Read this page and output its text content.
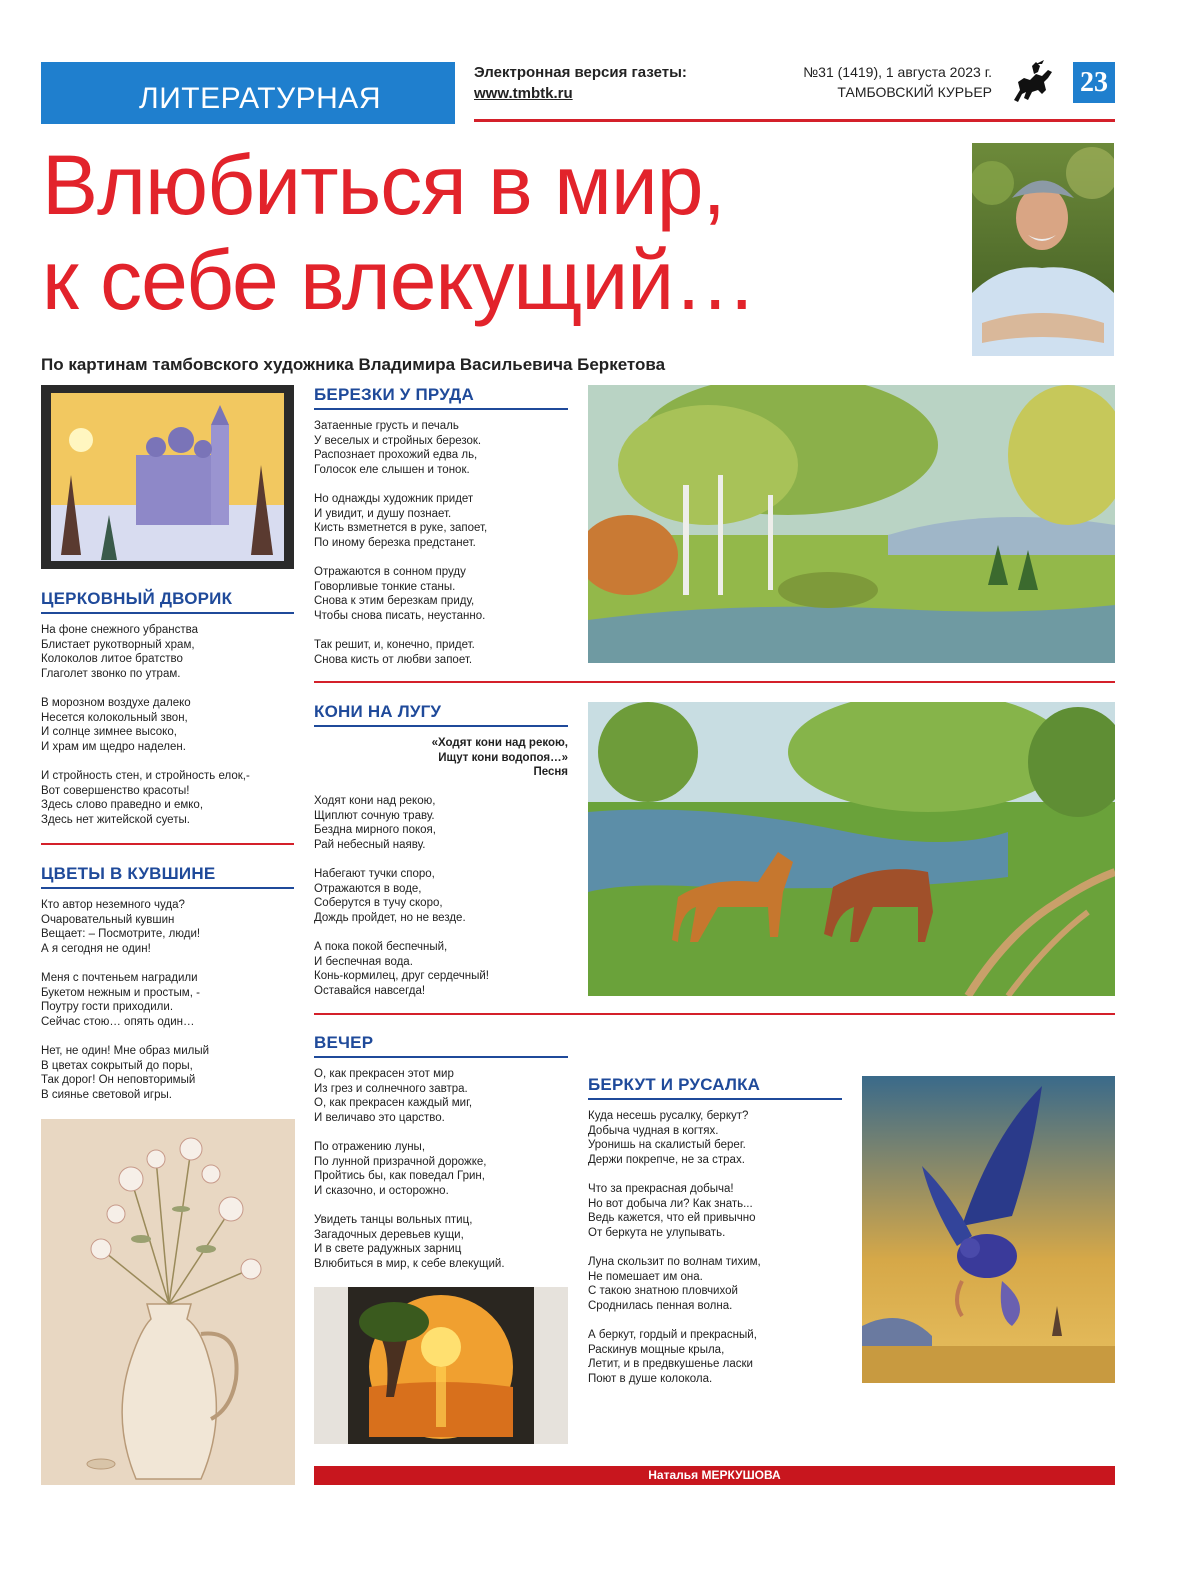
ЛИТЕРАТУРНАЯ
Электронная версия газеты:
www.tmbtk.ru
№31 (1419), 1 августа 2023 г.
ТАМБОВСКИЙ КУРЬЕР	23
Влюбиться в мир,
к себе влекущий…
По картинам тамбовского художника Владимира Васильевича Беркетова
ЦЕРКОВНЫЙ ДВОРИК
На фоне снежного убранства
Блистает рукотворный храм,
Колоколов литое братство
Глаголет звонко по утрам.

В морозном воздухе далеко
Несется колокольный звон,
И солнце зимнее высоко,
И храм им щедро наделен.

И стройность стен, и стройность елок,-
Вот совершенство красоты!
Здесь слово праведно и емко,
Здесь нет житейской суеты.
ЦВЕТЫ В КУВШИНЕ
Кто автор неземного чуда?
Очаровательный кувшин
Вещает: – Посмотрите, люди!
А я сегодня не один!

Меня с почтеньем наградили
Букетом нежным и простым, -
Поутру гости приходили.
Сейчас стою… опять один…

Нет, не один! Мне образ милый
В цветах сокрытый до поры,
Так дорог! Он неповторимый
В сиянье световой игры.
БЕРЕЗКИ У ПРУДА
Затаенные грусть и печаль
У веселых и стройных березок.
Распознает прохожий едва ль,
Голосок еле слышен и тонок.

Но однажды художник придет
И увидит, и душу познает.
Кисть взметнется в руке, запоет,
По иному березка предстанет.

Отражаются в сонном пруду
Говорливые тонкие станы.
Снова к этим березкам приду,
Чтобы снова писать, неустанно.

Так решит, и, конечно, придет.
Снова кисть от любви запоет.
КОНИ НА ЛУГУ
«Ходят кони над рекою,
Ищут кони водопоя…»
Песня
Ходят кони над рекою,
Щиплют сочную траву.
Бездна мирного покоя,
Рай небесный наяву.

Набегают тучки споро,
Отражаются в воде,
Соберутся в тучу скоро,
Дождь пройдет, но не везде.

А пока покой беспечный,
И беспечная вода.
Конь-кормилец, друг сердечный!
Оставайся навсегда!
ВЕЧЕР
О, как прекрасен этот мир
Из грез и солнечного завтра.
О, как прекрасен каждый миг,
И величаво это царство.

По отражению луны,
По лунной призрачной дорожке,
Пройтись бы, как поведал Грин,
И сказочно, и осторожно.

Увидеть танцы вольных птиц,
Загадочных деревьев кущи,
И в свете радужных зарниц
Влюбиться в мир, к себе влекущий.
БЕРКУТ И РУСАЛКА
Куда несешь русалку, беркут?
Добыча чудная в когтях.
Уронишь на скалистый берег.
Держи покрепче, не за страх.

Что за прекрасная добыча!
Но вот добыча ли? Как знать...
Ведь кажется, что ей привычно
От беркута не улупывать.

Луна скользит по волнам тихим,
Не помешает им она.
С такою знатною пловчихой
Сроднилась пенная волна.

А беркут, гордый и прекрасный,
Раскинув мощные крыла,
Летит, и в предвкушенье ласки
Поют в душе колокола.
Наталья МЕРКУШОВА
